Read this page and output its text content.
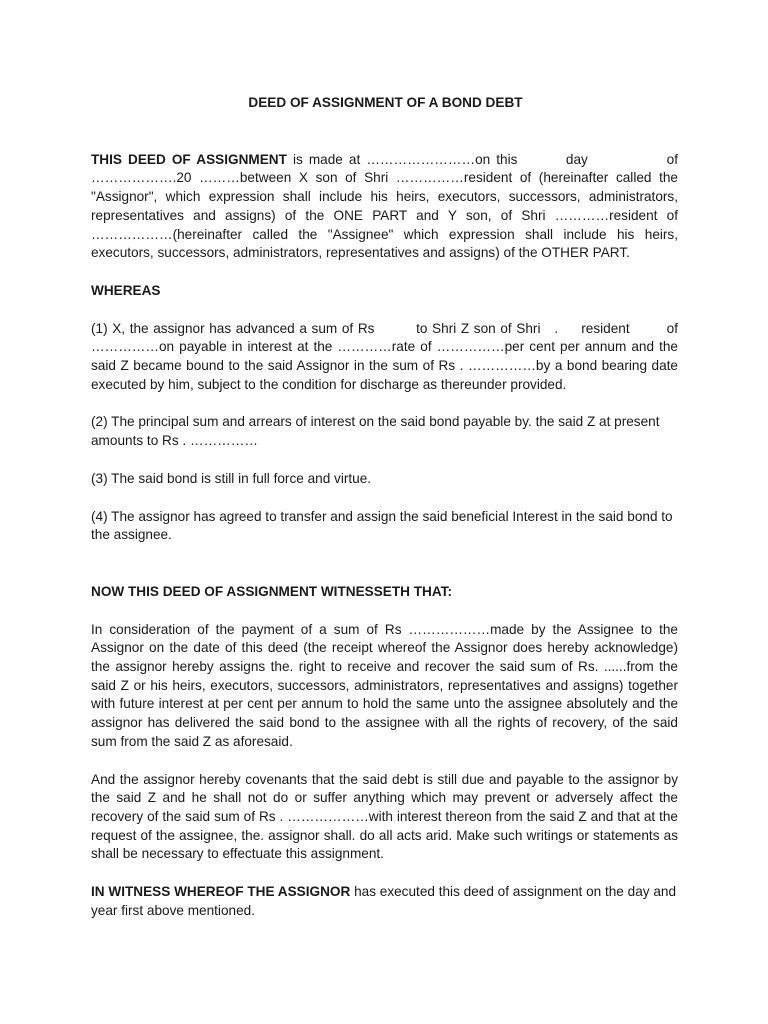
DEED OF ASSIGNMENT OF A BOND DEBT

THIS DEED OF ASSIGNMENT is made at ……………………on this        day             of ……………….20 ………between X son of Shri ……………resident of (hereinafter called the "Assignor", which expression shall include his heirs, executors, successors, administrators, representatives and assigns) of the ONE PART and Y son, of Shri …………resident of ………………(hereinafter called the "Assignee" which expression shall include his heirs, executors, successors, administrators, representatives and assigns) of the OTHER PART.

WHEREAS

(1) X, the assignor has advanced a sum of Rs         to Shri Z son of Shri   .     resident        of ……………on payable in interest at the …………rate of ……………per cent per annum and the said Z became bound to the said Assignor in the sum of Rs . ……………by a bond bearing date executed by him, subject to the condition for discharge as thereunder provided.

(2) The principal sum and arrears of interest on the said bond payable by. the said Z at present amounts to Rs . ……………

(3) The said bond is still in full force and virtue.

(4) The assignor has agreed to transfer and assign the said beneficial Interest in the said bond to the assignee.

NOW THIS DEED OF ASSIGNMENT WITNESSETH THAT:

In consideration of the payment of a sum of Rs ………………made by the Assignee to the Assignor on the date of this deed (the receipt whereof the Assignor does hereby acknowledge) the assignor hereby assigns the. right to receive and recover the said sum of Rs. ......from the said Z or his heirs, executors, successors, administrators, representatives and assigns) together with future interest at per cent per annum to hold the same unto the assignee absolutely and the assignor has delivered the said bond to the assignee with all the rights of recovery, of the said sum from the said Z as aforesaid.

And the assignor hereby covenants that the said debt is still due and payable to the assignor by the said Z and he shall not do or suffer anything which may prevent or adversely affect the recovery of the said sum of Rs . ………………with interest thereon from the said Z and that at the request of the assignee, the. assignor shall. do all acts arid. Make such writings or statements as shall be necessary to effectuate this assignment.

IN WITNESS WHEREOF THE ASSIGNOR has executed this deed of assignment on the day and year first above mentioned.
